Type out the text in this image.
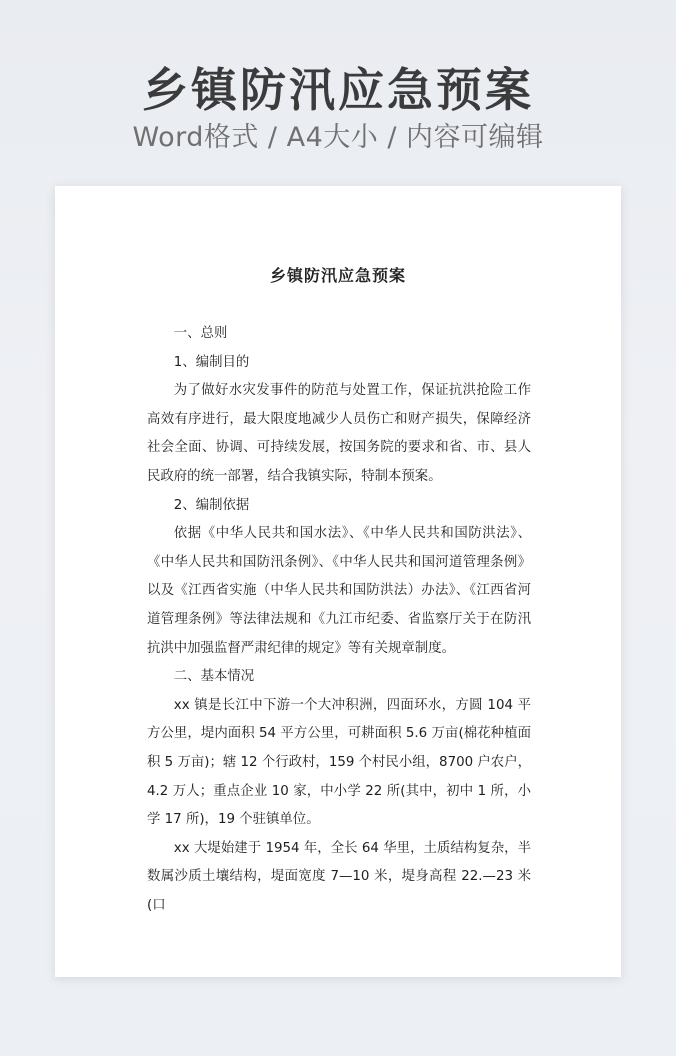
乡镇防汛应急预案
Word格式 / A4大小 / 内容可编辑
乡镇防汛应急预案

一、总则

1、编制目的

为了做好水灾发事件的防范与处置工作，保证抗洪抢险工作高效有序进行，最大限度地减少人员伤亡和财产损失，保障经济社会全面、协调、可持续发展，按国务院的要求和省、市、县人民政府的统一部署，结合我镇实际，特制本预案。

2、编制依据

依据《中华人民共和国水法》、《中华人民共和国防洪法》、《中华人民共和国防汛条例》、《中华人民共和国河道管理条例》以及《江西省实施（中华人民共和国防洪法）办法》、《江西省河道管理条例》等法律法规和《九江市纪委、省监察厅关于在防汛抗洪中加强监督严肃纪律的规定》等有关规章制度。

二、基本情况

xx 镇是长江中下游一个大冲积洲，四面环水，方圆 104 平方公里，堤内面积 54 平方公里，可耕面积 5.6 万亩(棉花种植面积 5 万亩)；辖 12 个行政村，159 个村民小组，8700 户农户，4.2 万人；重点企业 10 家，中小学 22 所(其中，初中 1 所，小学 17 所)，19 个驻镇单位。

xx 大堤始建于 1954 年，全长 64 华里，土质结构复杂，半数属沙质土壤结构，堤面宽度 7—10 米，堤身高程 22.—23 米(口
